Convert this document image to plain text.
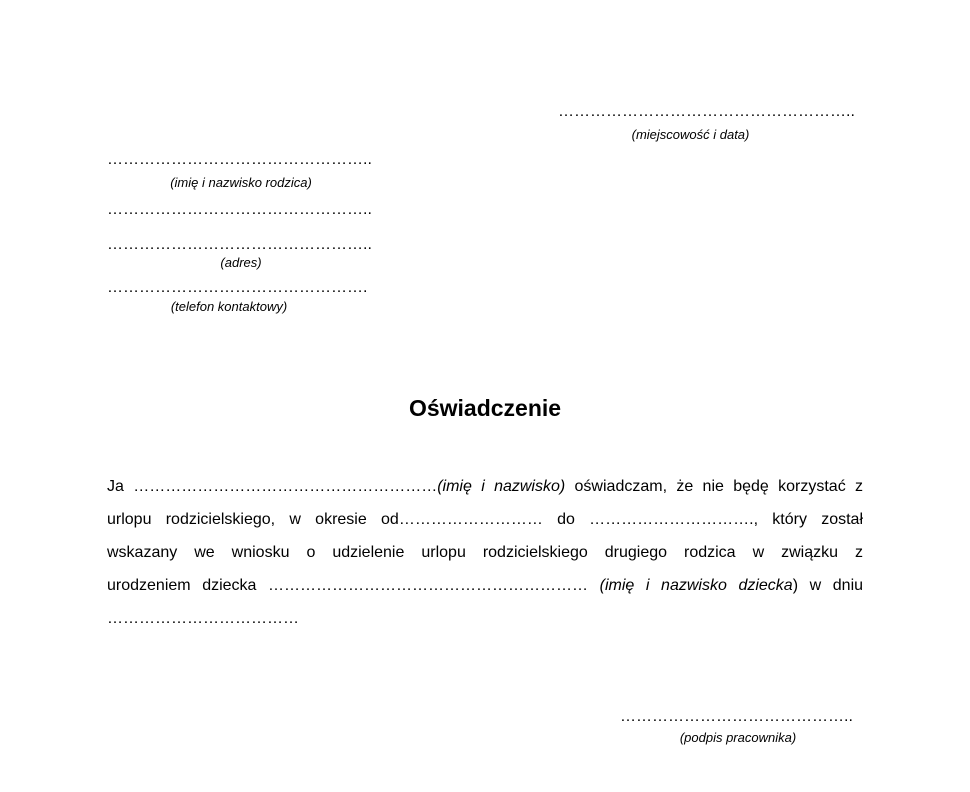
………………………………………………..
(miejscowość i data)
…………………………………………..
(imię i nazwisko rodzica)
…………………………………………..
…………………………………………..
(adres)
………………………………………….
(telefon kontaktowy)
Oświadczenie
Ja …………………………………………………(imię i nazwisko) oświadczam, że nie będę korzystać z
urlopu rodzicielskiego, w okresie od……………………… do …………………………., który został
wskazany we wniosku o udzielenie urlopu rodzicielskiego drugiego rodzica w związku z
urodzeniem dziecka …………………………………………………… (imię i nazwisko dziecka) w dniu
………………………………
……………………………………..
(podpis pracownika)
